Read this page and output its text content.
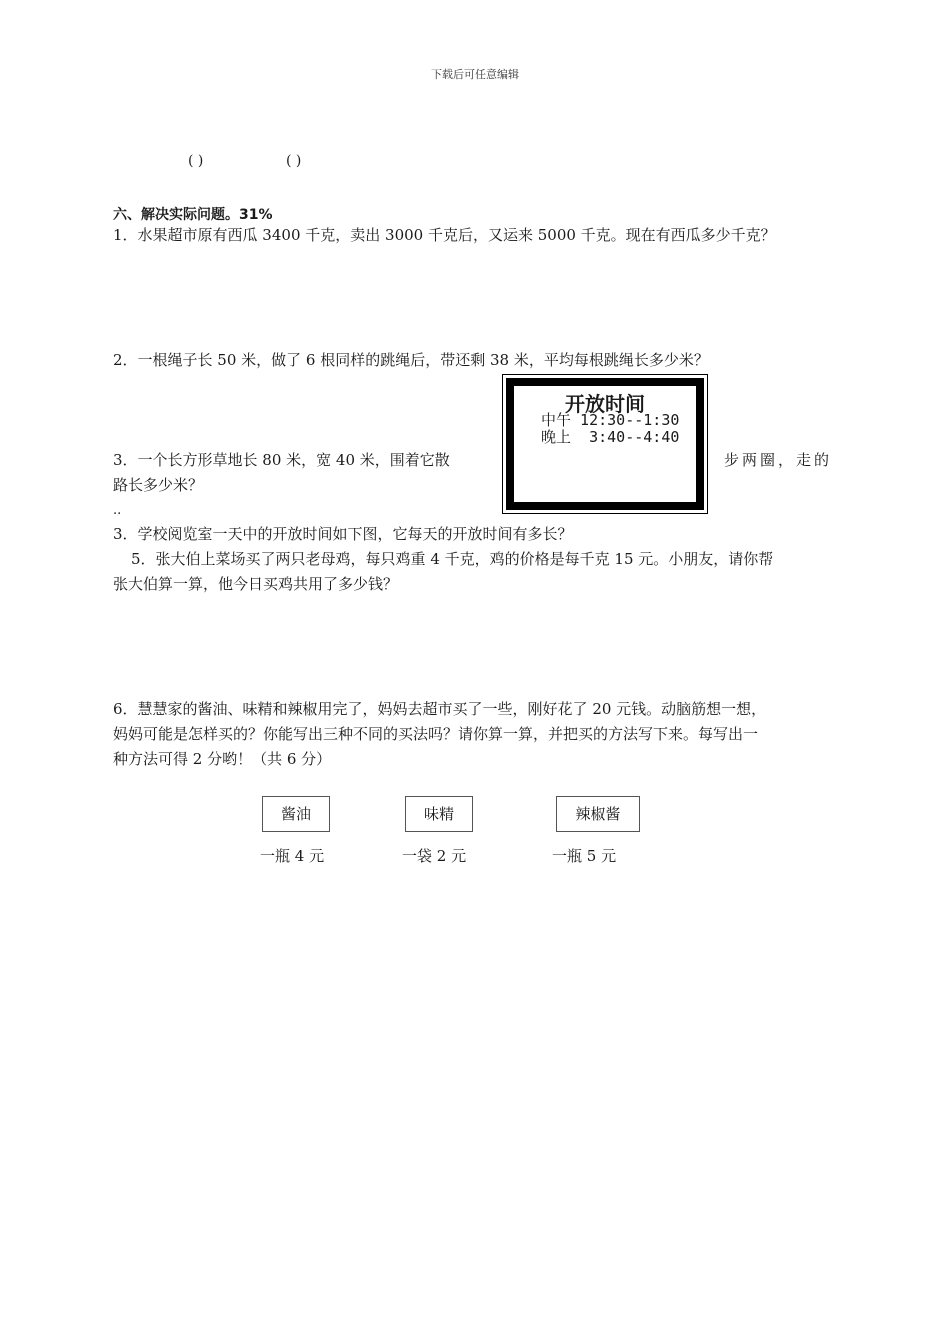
下载后可任意编辑
( )	( )
六、解决实际问题。31%
1．水果超市原有西瓜 3400 千克，卖出 3000 千克后，又运来 5000 千克。现在有西瓜多少千克？
2．一根绳子长 50 米，做了 6 根同样的跳绳后，带还剩 38 米，平均每根跳绳长多少米？
3．一个长方形草地长 80 米，宽 40 米，围着它散	步两圈，走的
路长多少米？
..
3．学校阅览室一天中的开放时间如下图，它每天的开放时间有多长？
5．张大伯上菜场买了两只老母鸡，每只鸡重 4 千克，鸡的价格是每千克 15 元。小朋友，请你帮
张大伯算一算，他今日买鸡共用了多少钱？
6．慧慧家的酱油、味精和辣椒用完了，妈妈去超市买了一些，刚好花了 20 元钱。动脑筋想一想，
妈妈可能是怎样买的？你能写出三种不同的买法吗？请你算一算，并把买的方法写下来。每写出一
种方法可得 2 分哟！（共 6 分）
开放时间
中午 12:30--1:30
晚上  3:40--4:40
酱油	味精	辣椒酱
一瓶 4 元	一袋 2 元	一瓶 5 元
